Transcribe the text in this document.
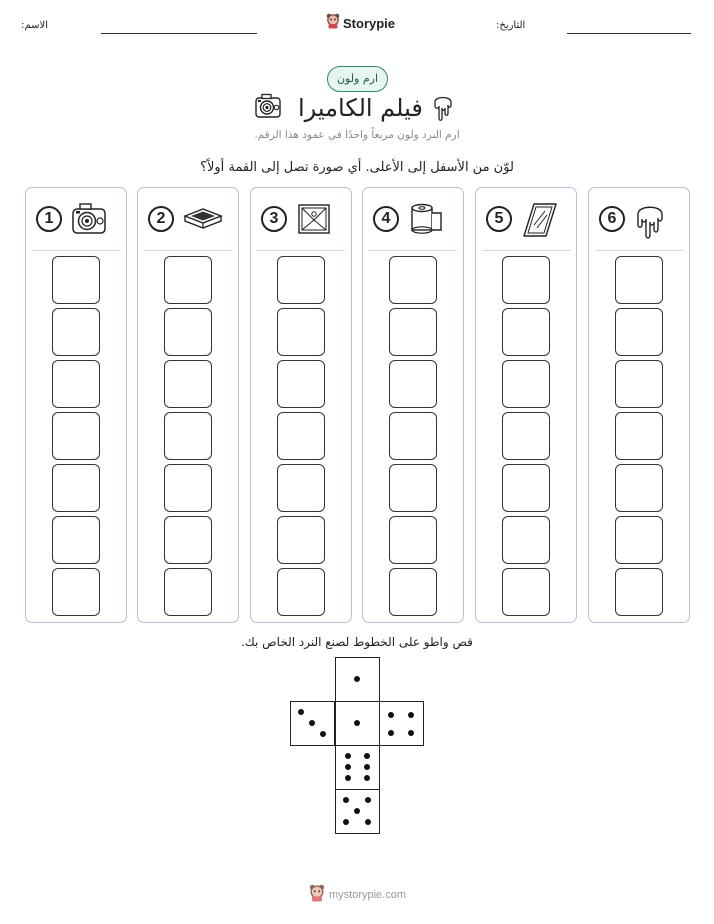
الاسم:	Storypie	التاريخ:
ارم ولون
فيلم الكاميرا
ارم النرد ولون مربعاً واحدًا في عمود هذا الرقم.
لوّن من الأسفل إلى الأعلى. أي صورة تصل إلى القمة أولاً؟
1	2	3	4	5	6
قص واطو على الخطوط لصنع النرد الخاص بك.
mystorypie.com
